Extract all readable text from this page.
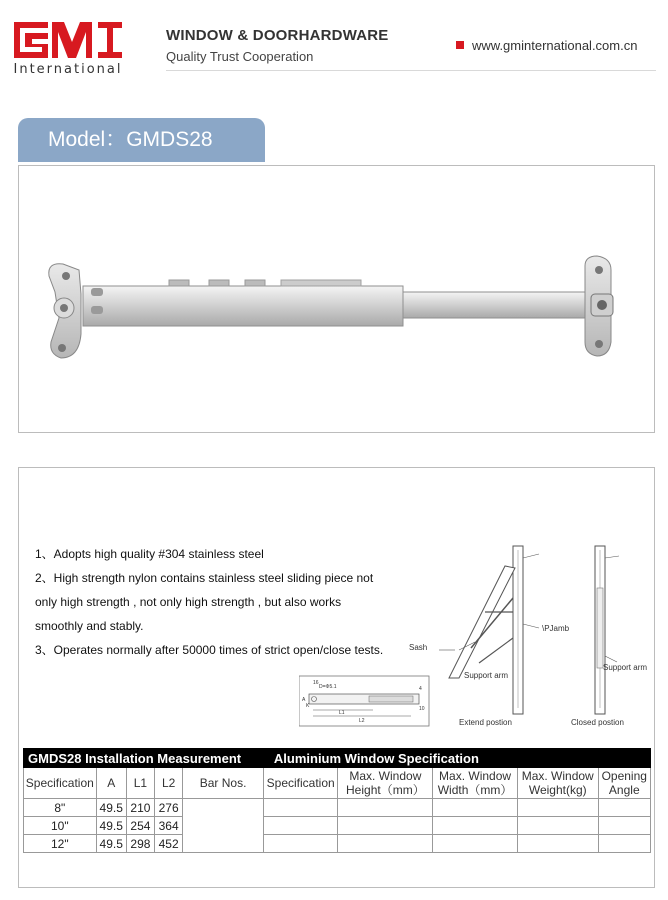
International
WINDOW & DOORHARDWARE
Quality Trust Cooperation
www.gminternational.com.cn
Model：GMDS28
1、Adopts high quality #304 stainless steel
2、High strength nylon contains stainless steel sliding piece not
only high strength , not only high strength , but also works
smoothly and stably.
3、Operates normally after 50000 times of strict open/close tests.
\PJamb
Sash
Support arm
Support arm
Extend postion	Closed postion
D=Φ5.1
16
L1
L2
A
K	10
4
GMDS28 Installation Measurement					Aluminium Window Specification				
Specification	A	L1	L2	Bar Nos.	Specification	Max. Window Height（mm）	Max. Window Width（mm）	Max. Window Weight(kg)	Opening Angle
8"	49.5	210	276						
10"	49.5	254	364						
12"	49.5	298	452						
